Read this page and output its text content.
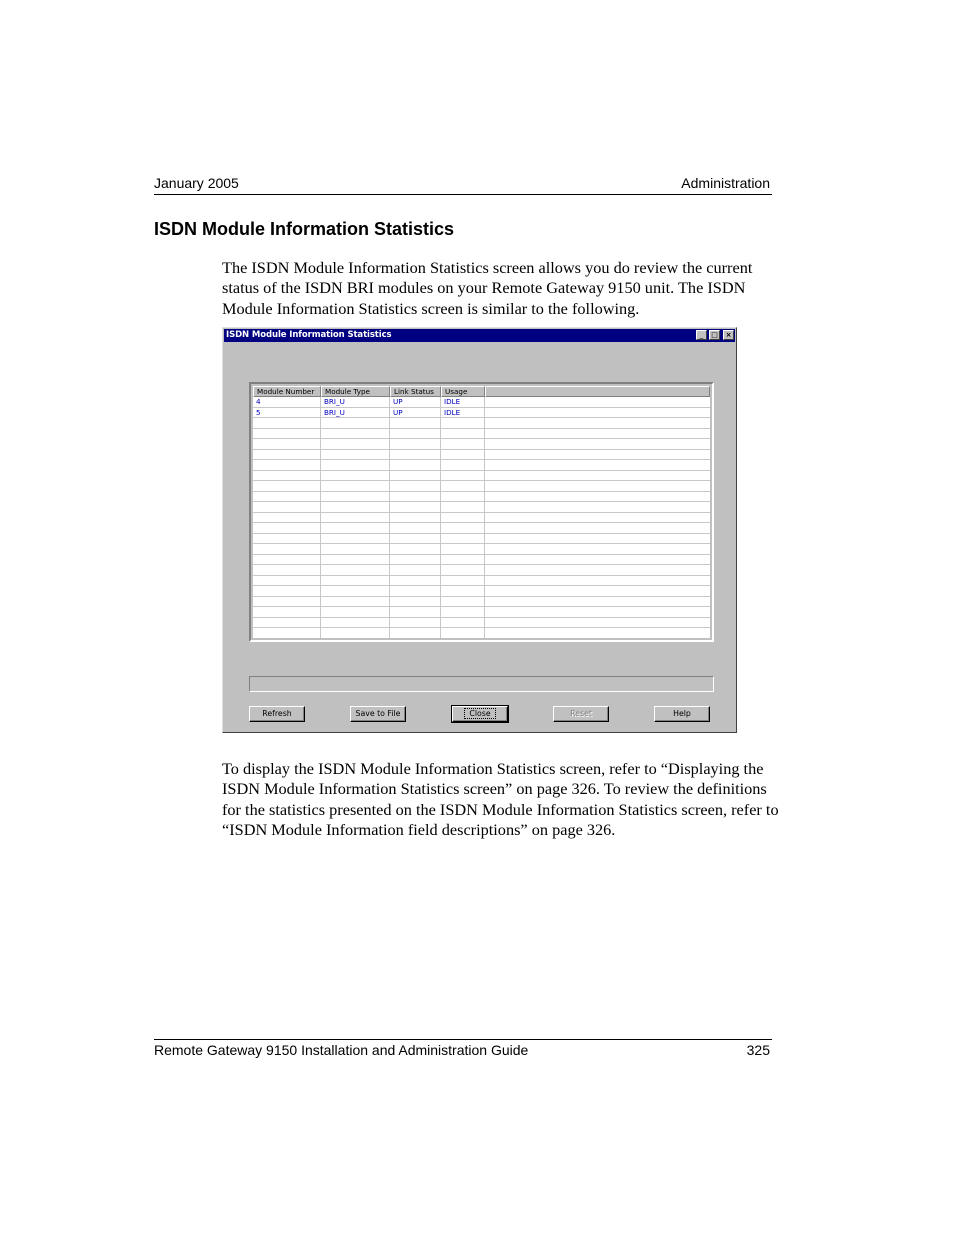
January 2005	Administration
ISDN Module Information Statistics

The ISDN Module Information Statistics screen allows you do review the current status of the ISDN BRI modules on your Remote Gateway 9150 unit. The ISDN Module Information Statistics screen is similar to the following.

ISDN Module Information Statistics	_	□	×
Module Number	Module Type	Link Status	Usage
4	BRI_U	UP	IDLE
5	BRI_U	UP	IDLE
Refresh	Save to File	Close	Reset	Help

To display the ISDN Module Information Statistics screen, refer to “Displaying the ISDN Module Information Statistics screen” on page 326. To review the definitions for the statistics presented on the ISDN Module Information Statistics screen, refer to “ISDN Module Information field descriptions” on page 326.

Remote Gateway 9150 Installation and Administration Guide	325
